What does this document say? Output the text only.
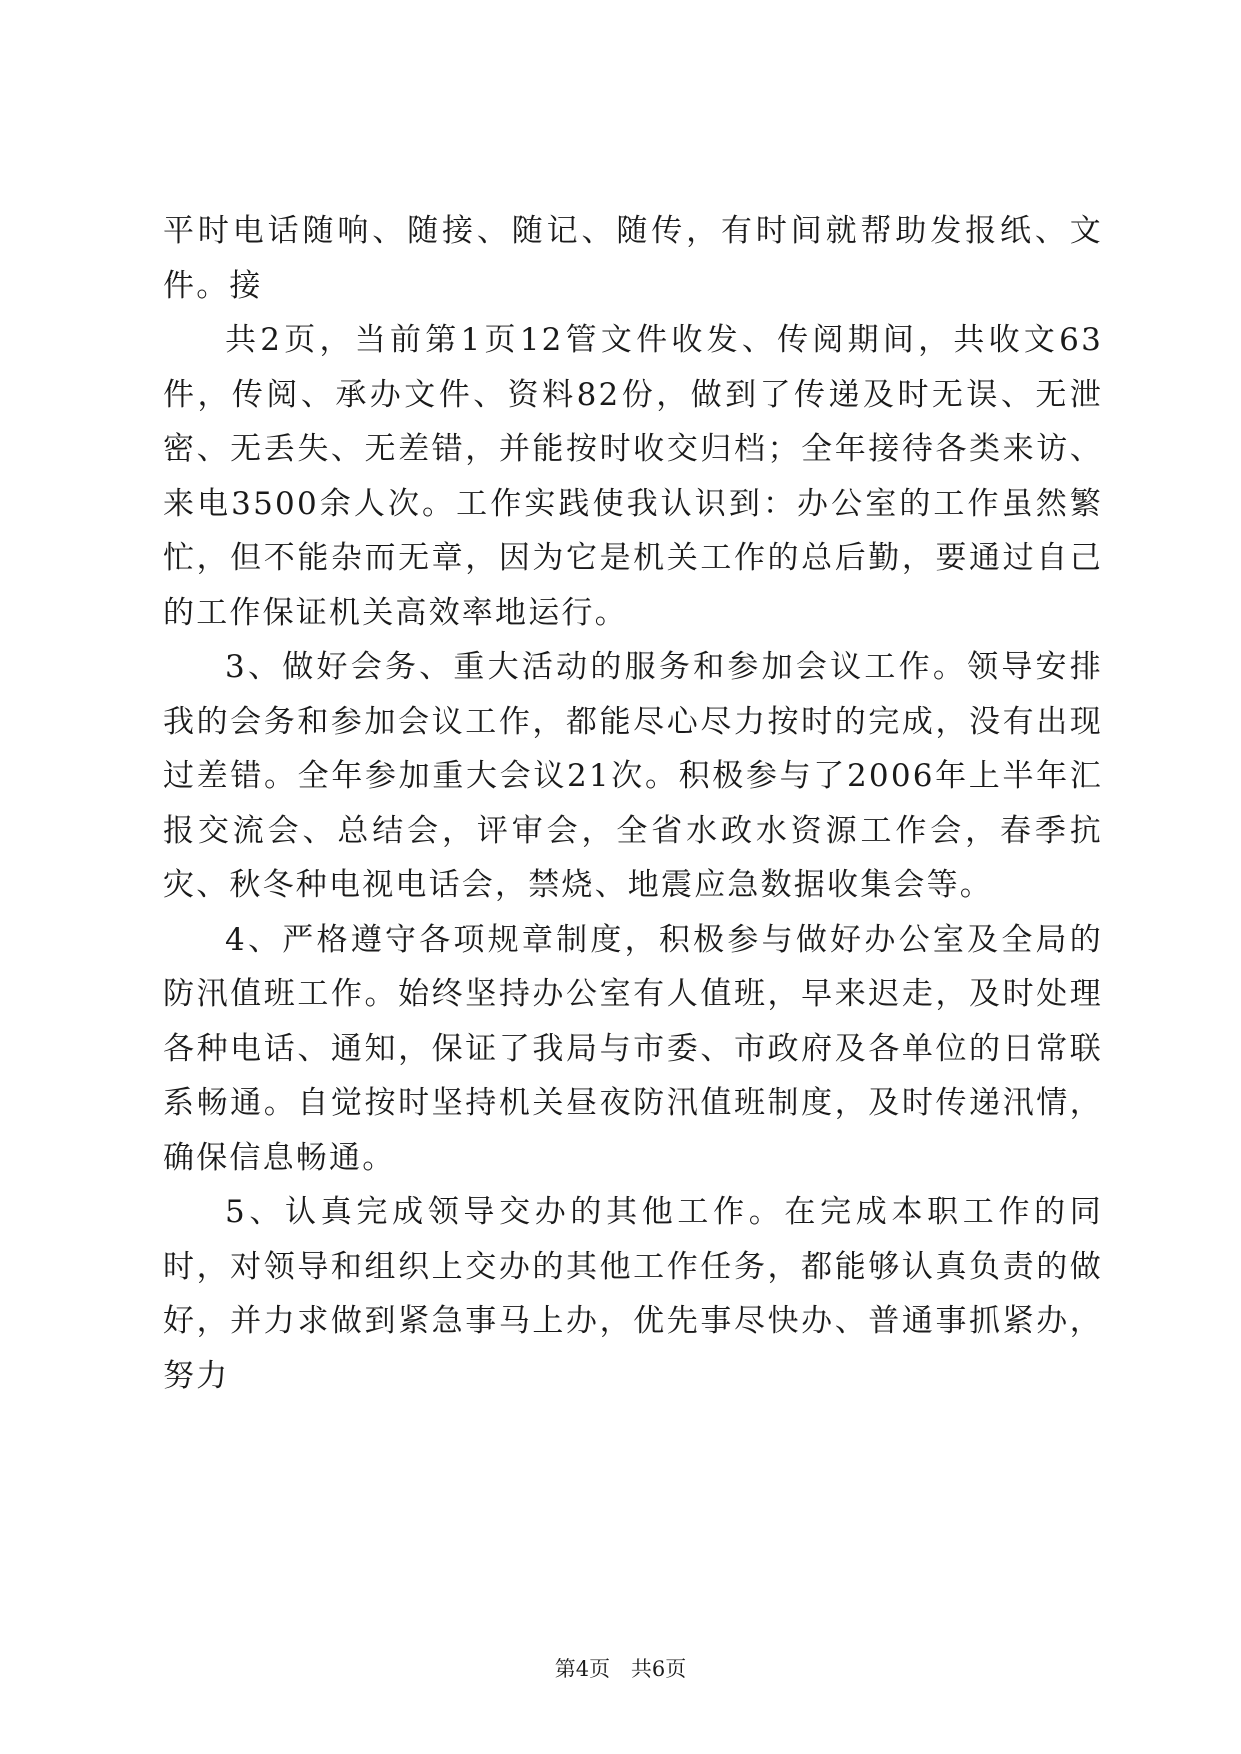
平时电话随响、随接、随记、随传，有时间就帮助发报纸、文件。接

共2页，当前第1页12管文件收发、传阅期间，共收文63件，传阅、承办文件、资料82份，做到了传递及时无误、无泄密、无丢失、无差错，并能按时收交归档；全年接待各类来访、来电3500余人次。工作实践使我认识到：办公室的工作虽然繁忙，但不能杂而无章，因为它是机关工作的总后勤，要通过自己的工作保证机关高效率地运行。

3、做好会务、重大活动的服务和参加会议工作。领导安排我的会务和参加会议工作，都能尽心尽力按时的完成，没有出现过差错。全年参加重大会议21次。积极参与了2006年上半年汇报交流会、总结会，评审会，全省水政水资源工作会，春季抗灾、秋冬种电视电话会，禁烧、地震应急数据收集会等。

4、严格遵守各项规章制度，积极参与做好办公室及全局的防汛值班工作。始终坚持办公室有人值班，早来迟走，及时处理各种电话、通知，保证了我局与市委、市政府及各单位的日常联系畅通。自觉按时坚持机关昼夜防汛值班制度，及时传递汛情，确保信息畅通。

5、认真完成领导交办的其他工作。在完成本职工作的同时，对领导和组织上交办的其他工作任务，都能够认真负责的做好，并力求做到紧急事马上办，优先事尽快办、普通事抓紧办，努力

第4页 共6页
